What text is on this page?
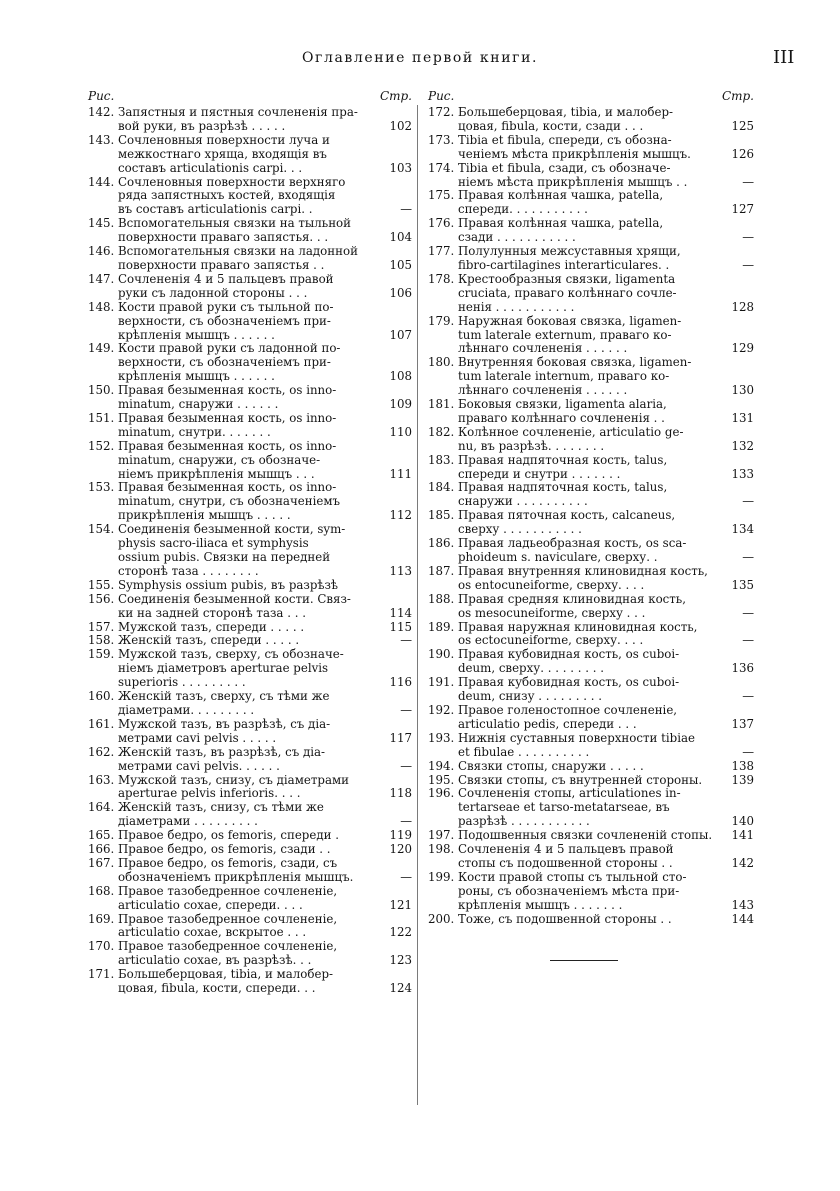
Оглавление первой книги.	III
Рис.	Стр.
142. Запястныя и пястныя сочлененія пра-
вой руки, въ разрѣзѣ . . . . .	102
143. Сочленовныя поверхности луча и
межкостнаго хряща, входящія въ
составъ articulationis carpi. . .	103
144. Сочленовныя поверхности верхняго
ряда запястныхъ костей, входящія
въ составъ articulationis carpi. .	—
145. Вспомогательныя связки на тыльной
поверхности праваго запястья. . .	104
146. Вспомогательныя связки на ладонной
поверхности праваго запястья . .	105
147. Сочлененія 4 и 5 пальцевъ правой
руки съ ладонной стороны . . .	106
148. Кости правой руки съ тыльной по-
верхности, съ обозначеніемъ при-
крѣпленія мышцъ . . . . . .	107
149. Кости правой руки съ ладонной по-
верхности, съ обозначеніемъ при-
крѣпленія мышцъ . . . . . .	108
150. Правая безыменная кость, os inno-
minatum, снаружи . . . . . .	109
151. Правая безыменная кость, os inno-
minatum, снутри. . . . . . .	110
152. Правая безыменная кость, os inno-
minatum, снаружи, съ обозначе-
ніемъ прикрѣпленія мышцъ . . .	111
153. Правая безыменная кость, os inno-
minatum, снутри, съ обозначеніемъ
прикрѣпленія мышцъ . . . . .	112
154. Соединенія безыменной кости, sym-
physis sacro-iliaca et symphysis
ossium pubis. Связки на передней
сторонѣ таза . . . . . . . .	113
155. Symphysis ossium pubis, въ разрѣзѣ
156. Соединенія безыменной кости. Связ-
ки на задней сторонѣ таза . . .	114
157. Мужской тазъ, спереди . . . . .	115
158. Женскій тазъ, спереди . . . . .	—
159. Мужской тазъ, сверху, съ обозначе-
ніемъ діаметровъ aperturae pelvis
superioris . . . . . . . . .	116
160. Женскій тазъ, сверху, съ тѣми же
діаметрами. . . . . . . . .	—
161. Мужской тазъ, въ разрѣзѣ, съ діа-
метрами cavi pelvis . . . . .	117
162. Женскій тазъ, въ разрѣзѣ, съ діа-
метрами cavi pelvis. . . . . .	—
163. Мужской тазъ, снизу, съ діаметрами
aperturae pelvis inferioris. . . .	118
164. Женскій тазъ, снизу, съ тѣми же
діаметрами . . . . . . . . .	—
165. Правое бедро, os femoris, спереди .	119
166. Правое бедро, os femoris, сзади . .	120
167. Правое бедро, os femoris, сзади, съ
обозначеніемъ прикрѣпленія мышцъ.	—
168. Правое тазобедренное сочлененіе,
articulatio coxae, спереди. . . .	121
169. Правое тазобедренное сочлененіе,
articulatio coxae, вскрытое . . .	122
170. Правое тазобедренное сочлененіе,
articulatio coxae, въ разрѣзѣ. . .	123
171. Большеберцовая, tibia, и малобер-
цовая, fibula, кости, спереди. . .	124
Рис.	Стр.
172. Большеберцовая, tibia, и малобер-
цовая, fibula, кости, сзади . . .	125
173. Tibia et fibula, спереди, съ обозна-
ченіемъ мѣста прикрѣпленія мышцъ.	126
174. Tibia et fibula, сзади, съ обозначе-
ніемъ мѣста прикрѣпленія мышцъ . .	—
175. Правая колѣнная чашка, patella,
спереди. . . . . . . . . . .	127
176. Правая колѣнная чашка, patella,
сзади . . . . . . . . . . .	—
177. Полулунныя межсуставныя хрящи,
fibro-cartilagines interarticulares. .	—
178. Крестообразныя связки, ligamenta
cruciata, праваго колѣннаго сочле-
ненія . . . . . . . . . . .	128
179. Наружная боковая связка, ligamen-
tum laterale externum, праваго ко-
лѣннаго сочлененія . . . . . .	129
180. Внутренняя боковая связка, ligamen-
tum laterale internum, праваго ко-
лѣннаго сочлененія . . . . . .	130
181. Боковыя связки, ligamenta alaria,
праваго колѣннаго сочлененія . .	131
182. Колѣнное сочлененіе, articulatio ge-
nu, въ разрѣзѣ. . . . . . . .	132
183. Правая надпяточная кость, talus,
спереди и снутри . . . . . . .	133
184. Правая надпяточная кость, talus,
снаружи . . . . . . . . . .	—
185. Правая пяточная кость, calcaneus,
сверху . . . . . . . . . . .	134
186. Правая ладьеобразная кость, os sca-
phoideum s. naviculare, сверху. .	—
187. Правая внутренняя клиновидная кость,
os entocuneiforme, сверху. . . .	135
188. Правая средняя клиновидная кость,
os mesocuneiforme, сверху . . .	—
189. Правая наружная клиновидная кость,
os ectocuneiforme, сверху. . . .	—
190. Правая кубовидная кость, os cuboi-
deum, сверху. . . . . . . . .	136
191. Правая кубовидная кость, os cuboi-
deum, снизу . . . . . . . . .	—
192. Правое голеностопное сочлененіе,
articulatio pedis, спереди . . .	137
193. Нижнія суставныя поверхности tibiae
et fibulae . . . . . . . . . .	—
194. Связки стопы, снаружи . . . . .	138
195. Связки стопы, съ внутренней стороны.	139
196. Сочлененія стопы, articulationes in-
tertarseae et tarso-metatarseae, въ
разрѣзѣ . . . . . . . . . . .	140
197. Подошвенныя связки сочлененій стопы.	141
198. Сочлененія 4 и 5 пальцевъ правой
стопы съ подошвенной стороны . .	142
199. Кости правой стопы съ тыльной сто-
роны, съ обозначеніемъ мѣста при-
крѣпленія мышцъ . . . . . . .	143
200. Тоже, съ подошвенной стороны . .	144
